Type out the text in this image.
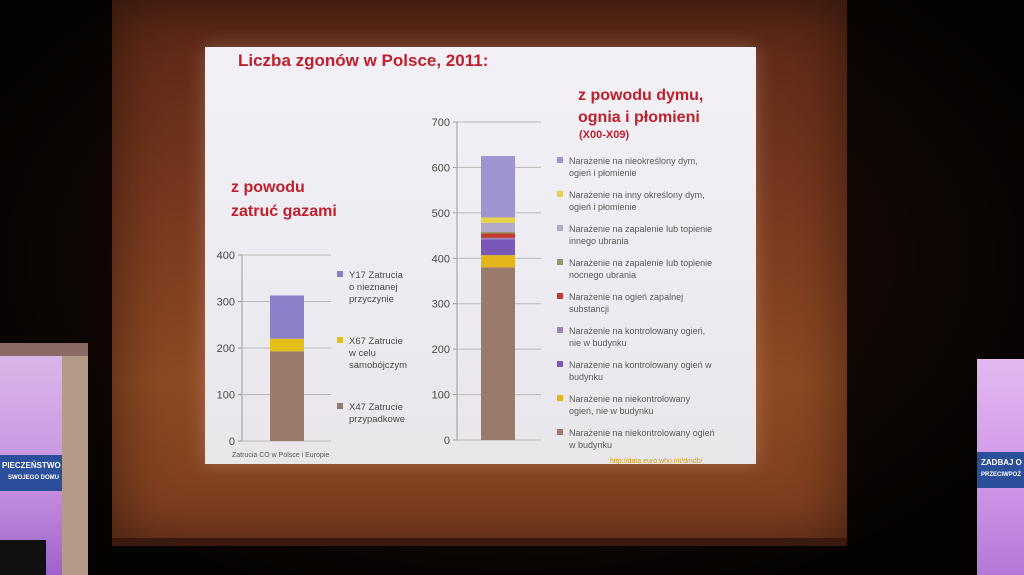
Liczba zgonów w Polsce, 2011:
z powodu
zatruć gazami
z powodu dymu,
ognia i płomieni
(X00-X09)
0
100
200
300
400
Y17 Zatrucia
o nieznanej
przyczynie
X67 Zatrucie
w celu
samobójczym
X47 Zatrucie
przypadkowe
0
100
200
300
400
500
600
700
Narażenie na nieokreślony dym,
ogień i płomienie
Narażenie na inny określony dym,
ogień i płomienie
Narażenie na zapalenie lub topienie
innego ubrania
Narażenie na zapalenie lub topienie
nocnego ubrania
Narażenie na ogień zapalnej
substancji
Narażenie na kontrolowany ogień,
nie w budynku
Narażenie na kontrolowany ogień w
budynku
Narażenie na niekontrolowany
ogień, nie w budynku
Narażenie na niekontrolowany ogień
w budynku
Zatrucia CO w Polsce i Europie
http://data.euro.who.int/dmdb/
PIECZEŃSTWO
SWOJEGO DOMU
ZADBAJ O
PRZECIWPOŻ
